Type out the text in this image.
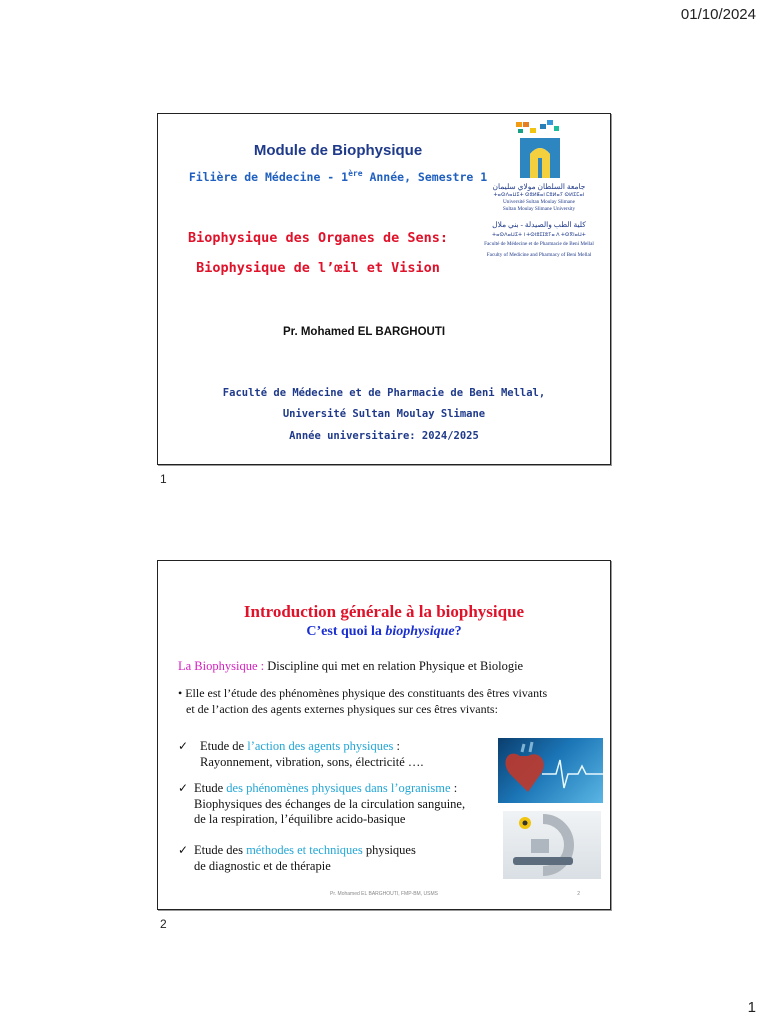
01/10/2024
Module de Biophysique
Filière de Médecine - 1ère Année, Semestre 1
جامعة السلطان مولاي سليمان
ⵜⴰⵙⴷⴰⵡⵉⵜ ⵙⵓⵍⵟⴰⵏ ⵎⵓⵍⴰⵢ ⵙⵍⵉⵎⴰⵏ
Université Sultan Moulay Slimane
Sultan Moulay Slimane University
كلية الطب والصيدلة - بني ملال
ⵜⴰⵙⴷⴰⵡⵉⵜ ⵏ ⵜⵙⵏⵓⵊⵊⵓⵢⴰ ⴷ ⵜⵙⴳⵏⴰⵡⵜ
Faculté de Médecine et de Pharmacie de Beni Mellal
Faculty of Medicine and Pharmacy of Beni Mellal
Biophysique des Organes de Sens:
Biophysique de l’œil et Vision
Pr. Mohamed EL BARGHOUTI
Faculté de Médecine et de Pharmacie de Beni Mellal,
Université Sultan Moulay Slimane
Année universitaire: 2024/2025
1
Introduction générale à la biophysique
C’est quoi la biophysique?
La Biophysique : Discipline qui met en relation Physique et Biologie
• Elle est l’étude des phénomènes physique des constituants des êtres vivants
et de l’action des agents externes physiques sur ces êtres vivants:
✓ Etude de l’action des agents physiques :
Rayonnement, vibration, sons, électricité ….
✓ Etude des phénomènes physiques dans l’ogranisme :
Biophysiques des échanges de la circulation sanguine,
de la respiration, l’équilibre acido-basique
✓ Etude des méthodes et techniques physiques
de diagnostic et de thérapie
Pr. Mohamed EL BARGHOUTI, FMP-BM, USMS	2
2
1
